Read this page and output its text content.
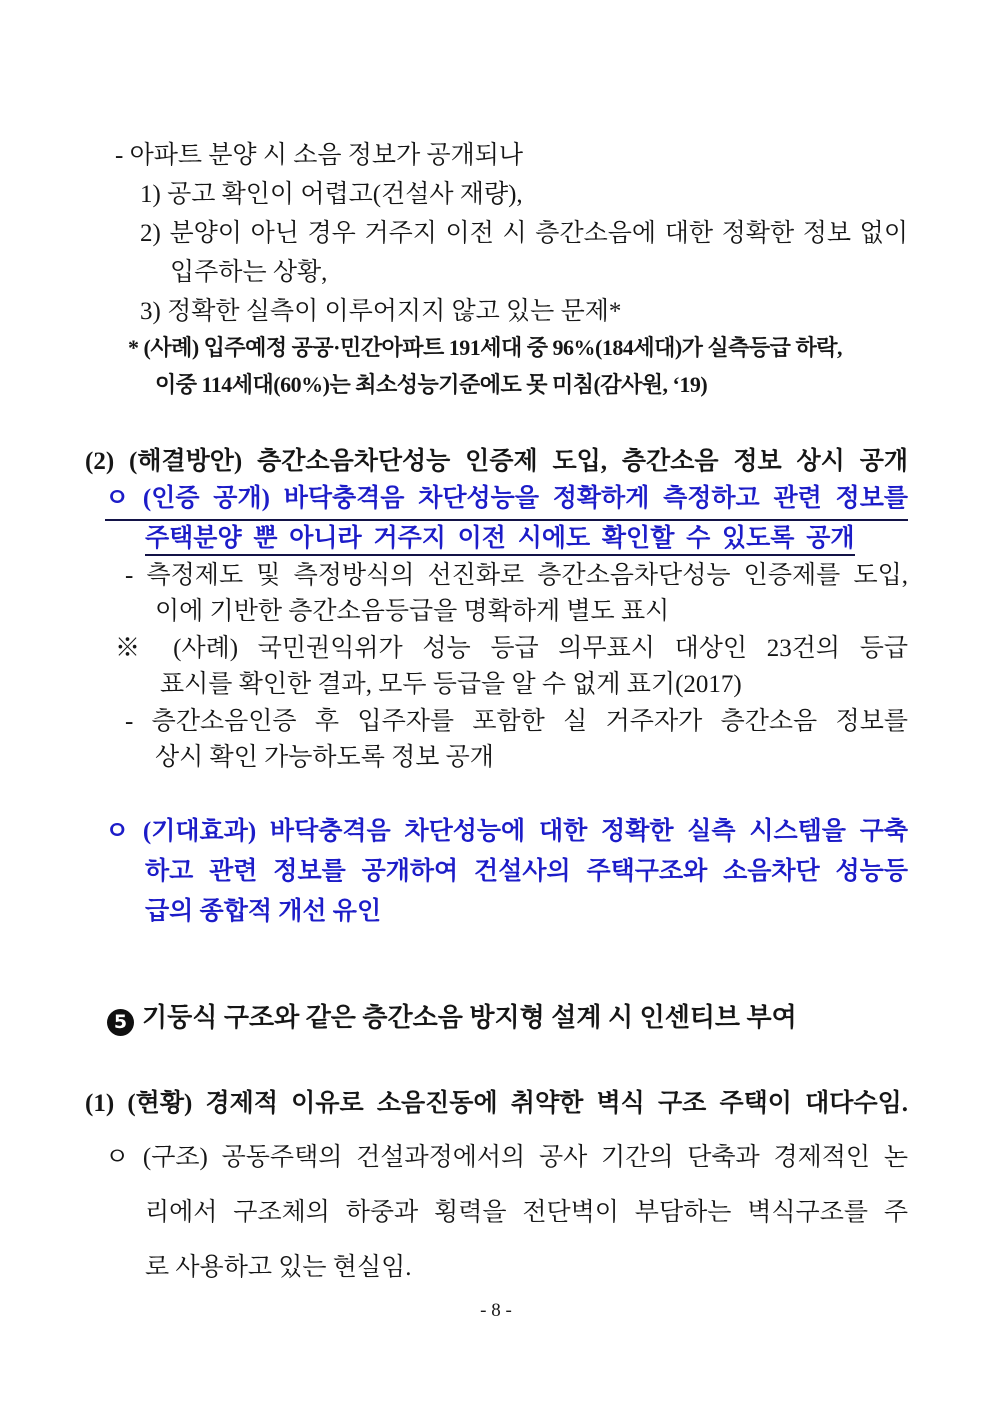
- 아파트 분양 시 소음 정보가 공개되나
1) 공고 확인이 어렵고(건설사 재량),
2) 분양이 아닌 경우 거주지 이전 시 층간소음에 대한 정확한 정보 없이
입주하는 상황,
3) 정확한 실측이 이루어지지 않고 있는 문제*
* (사례) 입주예정 공공·민간아파트 191세대 중 96%(184세대)가 실측등급 하락,
이중 114세대(60%)는 최소성능기준에도 못 미침(감사원, ‘19)
(2) (해결방안) 층간소음차단성능 인증제 도입, 층간소음 정보 상시 공개
ㅇ (인증 공개) 바닥충격음 차단성능을 정확하게 측정하고 관련 정보를
주택분양 뿐 아니라 거주지 이전 시에도 확인할 수 있도록 공개
- 측정제도 및 측정방식의 선진화로 층간소음차단성능 인증제를 도입,
이에 기반한 층간소음등급을 명확하게 별도 표시
※ (사례) 국민권익위가 성능 등급 의무표시 대상인 23건의 등급
표시를 확인한 결과, 모두 등급을 알 수 없게 표기(2017)
- 층간소음인증 후 입주자를 포함한 실 거주자가 층간소음 정보를
상시 확인 가능하도록 정보 공개
ㅇ (기대효과) 바닥충격음 차단성능에 대한 정확한 실측 시스템을 구축
하고 관련 정보를 공개하여 건설사의 주택구조와 소음차단 성능등
급의 종합적 개선 유인
5 기둥식 구조와 같은 층간소음 방지형 설계 시 인센티브 부여
(1) (현황) 경제적 이유로 소음진동에 취약한 벽식 구조 주택이 대다수임.
ㅇ (구조) 공동주택의 건설과정에서의 공사 기간의 단축과 경제적인 논
리에서 구조체의 하중과 횡력을 전단벽이 부담하는 벽식구조를 주
로 사용하고 있는 현실임.
- 8 -
